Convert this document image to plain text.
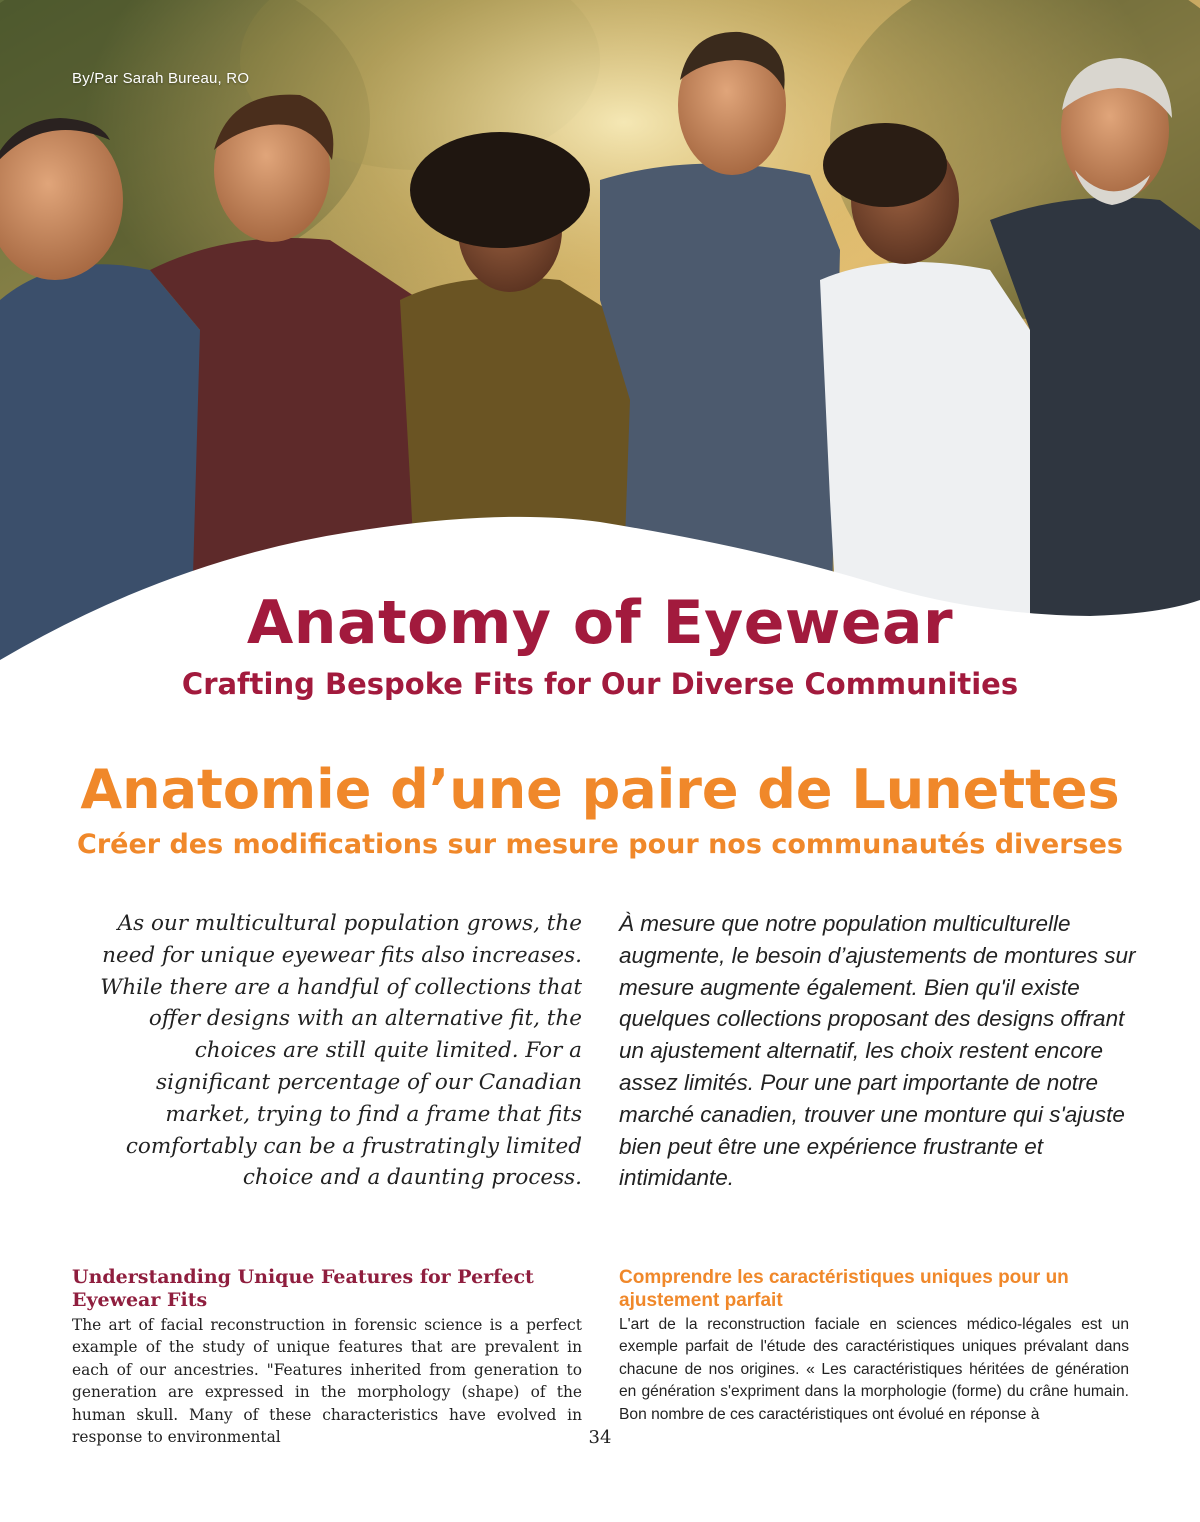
By/Par Sarah Bureau, RO
Anatomy of Eyewear
Crafting Bespoke Fits for Our Diverse Communities
Anatomie d’une paire de Lunettes
Créer des modifications sur mesure pour nos communautés diverses
As our multicultural population grows, the need for unique eyewear fits also increases. While there are a handful of collections that offer designs with an alternative fit, the choices are still quite limited. For a significant percentage of our Canadian market, trying to find a frame that fits comfortably can be a frustratingly limited choice and a daunting process.
À mesure que notre population multiculturelle augmente, le besoin d’ajustements de montures sur mesure augmente également. Bien qu'il existe quelques collections proposant des designs offrant un ajustement alternatif, les choix restent encore assez limités. Pour une part importante de notre marché canadien, trouver une monture qui s'ajuste bien peut être une expérience frustrante et intimidante.
Understanding Unique Features for Perfect Eyewear Fits
Comprendre les caractéristiques uniques pour un ajustement parfait
The art of facial reconstruction in forensic science is a perfect example of the study of unique features that are prevalent in each of our ancestries. "Features inherited from generation to generation are expressed in the morphology (shape) of the human skull. Many of these characteristics have evolved in response to environmental
L'art de la reconstruction faciale en sciences médico-légales est un exemple parfait de l'étude des caractéristiques uniques prévalant dans chacune de nos origines. « Les caractéristiques héritées de génération en génération s'expriment dans la morphologie (forme) du crâne humain. Bon nombre de ces caractéristiques ont évolué en réponse à
34
